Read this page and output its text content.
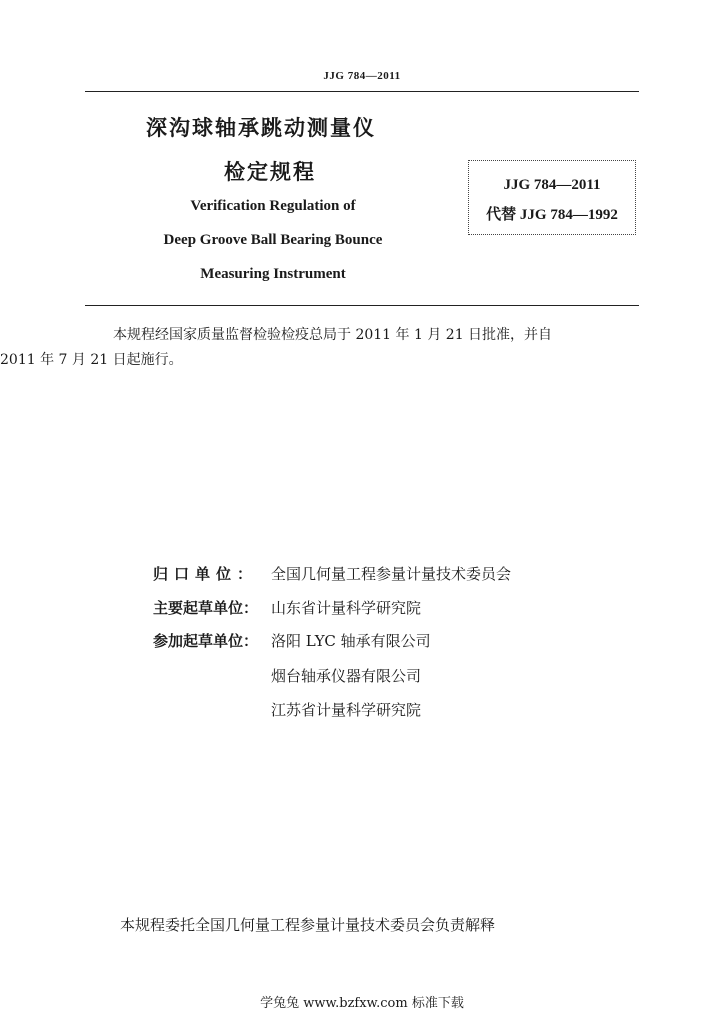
JJG 784—2011
深沟球轴承跳动测量仪
检定规程
Verification Regulation of
Deep Groove Ball Bearing Bounce
Measuring Instrument
JJG 784—2011
代替 JJG 784—1992
本规程经国家质量监督检验检疫总局于 2011 年 1 月 21 日批准，并自
2011 年 7 月 21 日起施行。
归口单位： 全国几何量工程参量计量技术委员会
主要起草单位： 山东省计量科学研究院
参加起草单位： 洛阳 LYC 轴承有限公司
烟台轴承仪器有限公司
江苏省计量科学研究院
本规程委托全国几何量工程参量计量技术委员会负责解释
学兔兔 www.bzfxw.com 标准下载
